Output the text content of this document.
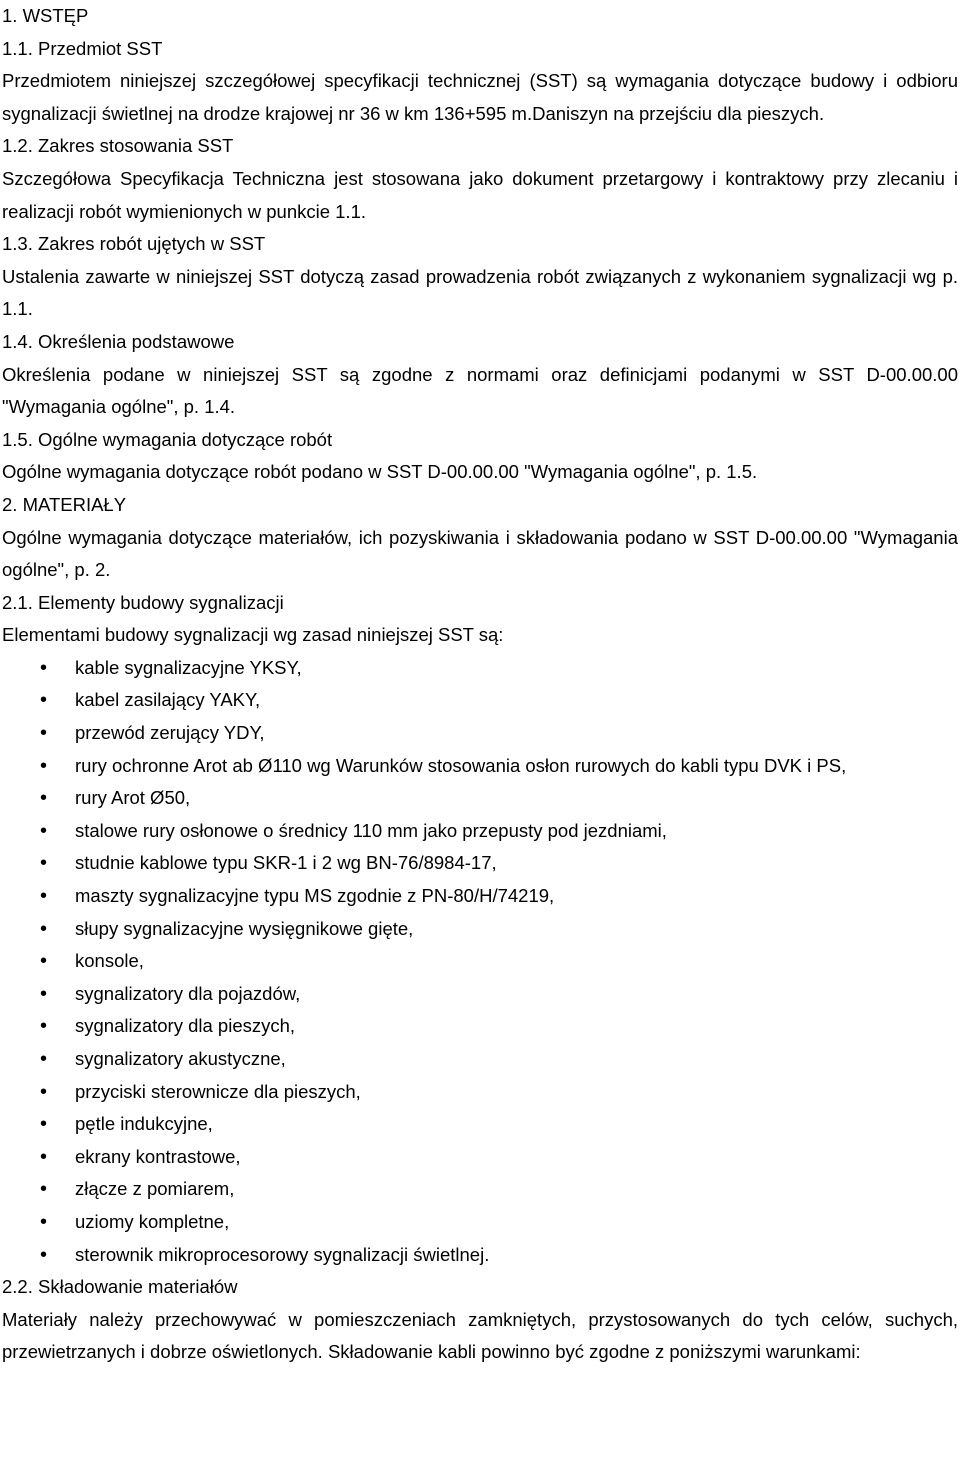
1. WSTĘP
1.1. Przedmiot SST
Przedmiotem niniejszej szczegółowej specyfikacji technicznej (SST) są wymagania dotyczące budowy i odbioru sygnalizacji świetlnej na drodze krajowej nr 36 w km 136+595 m.Daniszyn na przejściu dla pieszych.
1.2. Zakres stosowania SST
Szczegółowa Specyfikacja Techniczna jest stosowana jako dokument przetargowy i kontraktowy przy zlecaniu i realizacji robót wymienionych w punkcie 1.1.
1.3. Zakres robót ujętych w SST
Ustalenia zawarte w niniejszej SST dotyczą zasad prowadzenia robót związanych z wykonaniem sygnalizacji wg p. 1.1.
1.4. Określenia podstawowe
Określenia podane w niniejszej SST są zgodne z normami oraz definicjami podanymi w SST D-00.00.00 "Wymagania ogólne", p. 1.4.
1.5. Ogólne wymagania dotyczące robót
Ogólne wymagania dotyczące robót podano w SST D-00.00.00 "Wymagania ogólne", p. 1.5.
2. MATERIAŁY
Ogólne wymagania dotyczące materiałów, ich pozyskiwania i składowania podano w SST D-00.00.00 "Wymagania ogólne", p. 2.
2.1. Elementy budowy sygnalizacji
Elementami budowy sygnalizacji wg zasad niniejszej SST są:
• kable sygnalizacyjne YKSY,
• kabel zasilający YAKY,
• przewód zerujący YDY,
• rury ochronne Arot ab Ø110 wg Warunków stosowania osłon rurowych do kabli typu DVK i PS,
• rury Arot Ø50,
• stalowe rury osłonowe o średnicy 110 mm jako przepusty pod jezdniami,
• studnie kablowe typu SKR-1 i 2 wg BN-76/8984-17,
• maszty sygnalizacyjne typu MS zgodnie z PN-80/H/74219,
• słupy sygnalizacyjne wysięgnikowe gięte,
• konsole,
• sygnalizatory dla pojazdów,
• sygnalizatory dla pieszych,
• sygnalizatory akustyczne,
• przyciski sterownicze dla pieszych,
• pętle indukcyjne,
• ekrany kontrastowe,
• złącze z pomiarem,
• uziomy kompletne,
• sterownik mikroprocesorowy sygnalizacji świetlnej.
2.2. Składowanie materiałów
Materiały należy przechowywać w pomieszczeniach zamkniętych, przystosowanych do tych celów, suchych, przewietrzanych i dobrze oświetlonych. Składowanie kabli powinno być zgodne z poniższymi warunkami:
